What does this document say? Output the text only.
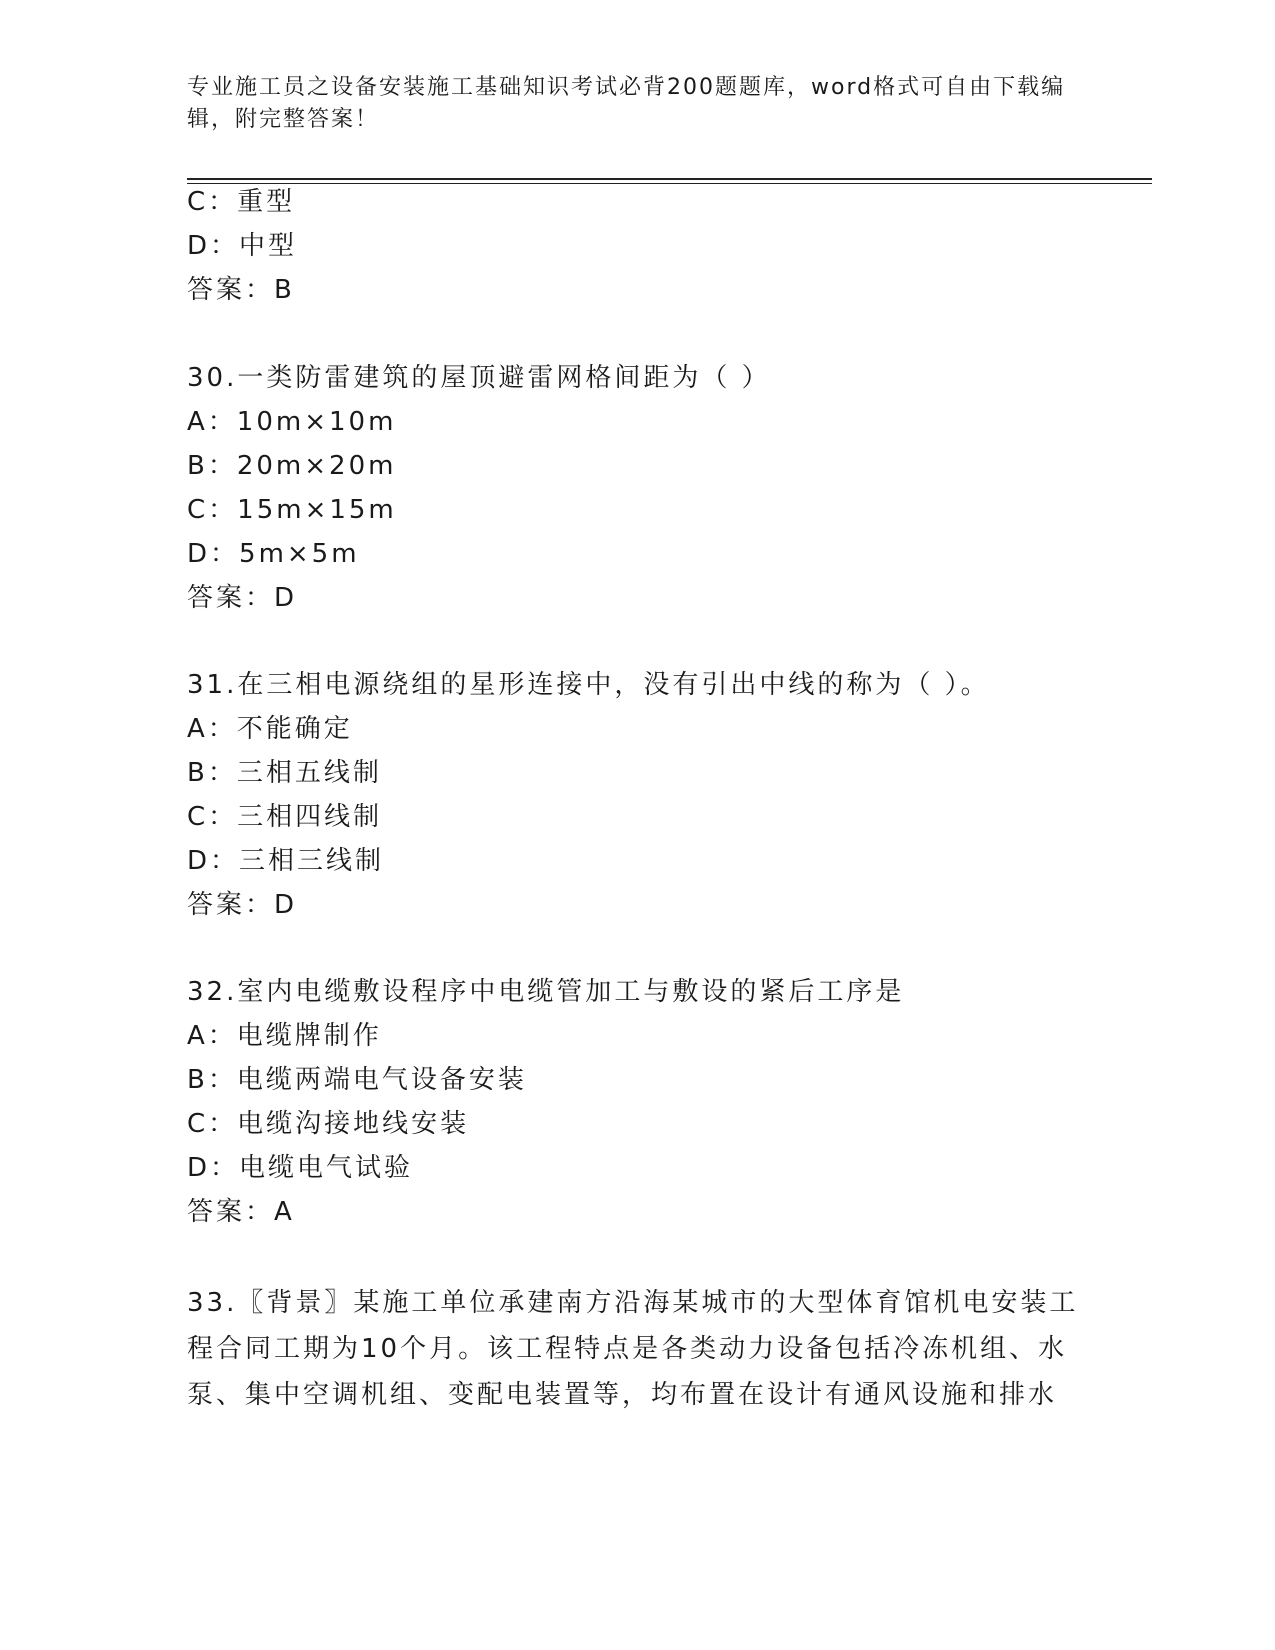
专业施工员之设备安装施工基础知识考试必背200题题库，word格式可自由下载编辑，附完整答案！
C：重型
D：中型
答案：B
30.一类防雷建筑的屋顶避雷网格间距为（ ）
A：10m×10m
B：20m×20m
C：15m×15m
D：5m×5m
答案：D
31.在三相电源绕组的星形连接中，没有引出中线的称为（ ）。
A：不能确定
B：三相五线制
C：三相四线制
D：三相三线制
答案：D
32.室内电缆敷设程序中电缆管加工与敷设的紧后工序是
A：电缆牌制作
B：电缆两端电气设备安装
C：电缆沟接地线安装
D：电缆电气试验
答案：A
33.〖背景〗某施工单位承建南方沿海某城市的大型体育馆机电安装工程合同工期为10个月。该工程特点是各类动力设备包括冷冻机组、水泵、集中空调机组、变配电装置等，均布置在设计有通风设施和排水
